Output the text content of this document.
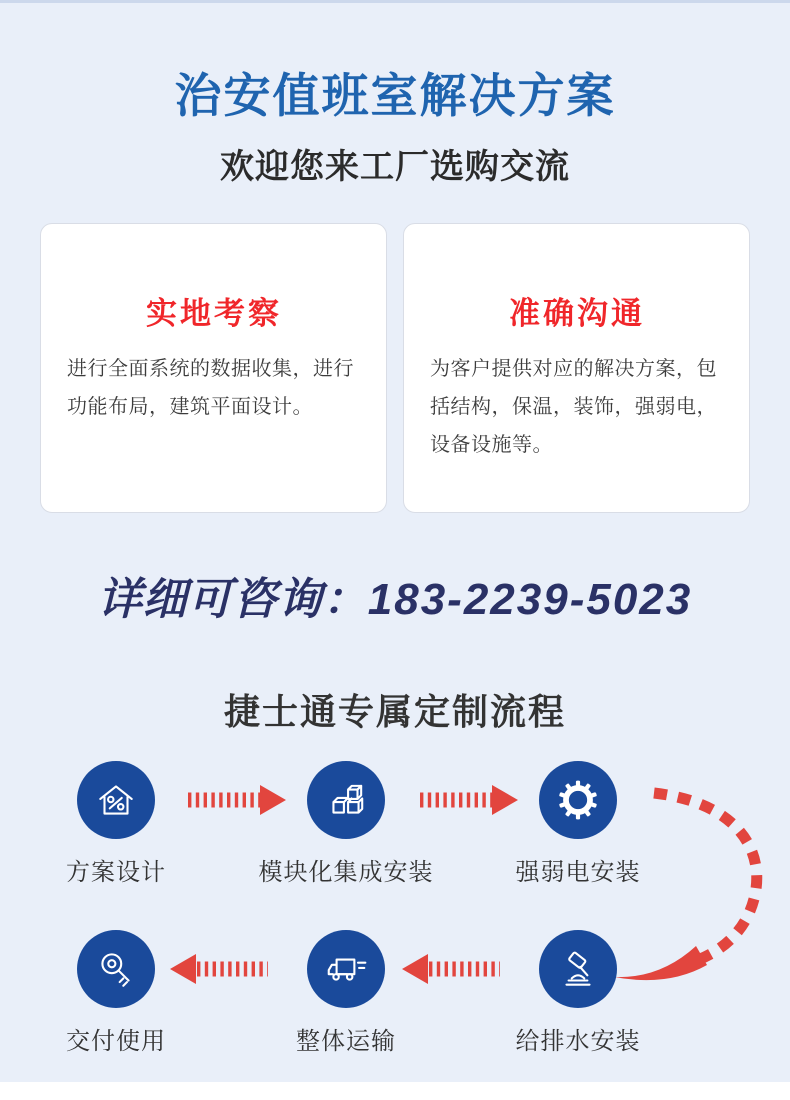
治安值班室解决方案
欢迎您来工厂选购交流
实地考察
进行全面系统的数据收集，进行功能布局，建筑平面设计。
准确沟通
为客户提供对应的解决方案，包括结构，保温，装饰，强弱电，设备设施等。
详细可咨询：183-2239-5023
捷士通专属定制流程
方案设计	模块化集成安装	强弱电安装
交付使用	整体运输	给排水安装
